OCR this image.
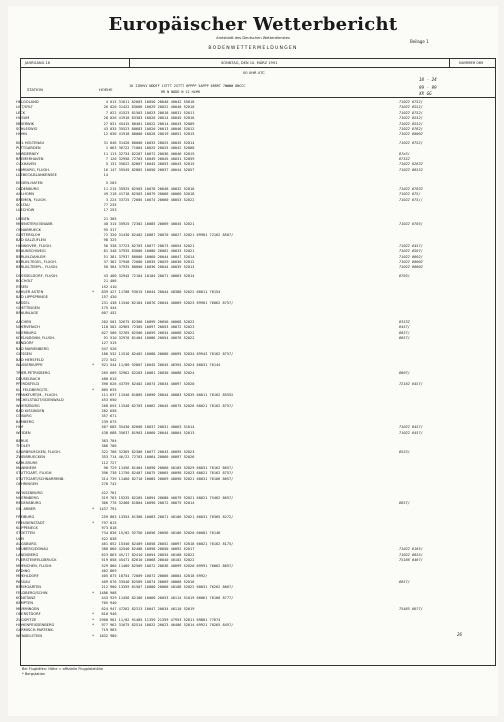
Europäischer Wetterbericht
Amtsblatt des Deutschen Wetterdienstes
Beilage 1
BODENWETTERMELDUNGEN
JAHRGANG 16	SONNTAG, DEN 10. MÄRZ 1991	NUMMER 069
00 UHR UTC
18 - 24
STATION	HOEHE
10 IIRHVV NDDFF 1STTT 2STTT 6PPPP 5APPP 6RRRT 7WWWW 8NCCC
RR N NDDD N 12 HLMH
99 - 99
XX GG
26
HELGOLAND	4 015 31611 82603 10050 20040 40042 55018	71022 8752/
LIST/SYLT	26 020 31422 83606 10029 20022 40040 52010	71022 8552/
LECK	7 022 41523 81503 10023 20018 40031 52011	71022 8752/
HUSUM	28 026 41918 83303 10020 20014 40045 52016	71022 8552/
MEIERWIK	27 031 45415 80401 10022 20014 40043 52009	71022 8552/
SCHLESWIG	43 035 35523 80603 10020 20013 40046 52012	71022 8762/
HOHN	12 036 41918 80000 10028 20019 40051 52015	71022 80002
KIEL HOLTENAU	31 046 31420 80000 10033 20025 40045 52014	71022 8752/
PUTTGARDEN	1 063 36722 71004 10025 20025 40042 52008
NORDERNEY	11 113 32734 82207 10072 20036 40046 52015	87e3/
BREMERHAVEN	7 120 32958 72703 10049 20045 40031 52059	87552
CUXHAVEN	5 131 35622 82807 10045 20053 40043 52015	71022 82632
HAMBURG, FLUGH.	16 147 35545 82802 10050 20037 40044 52057	71022 86552
LUEBECK-BLANKENSEE	14
EMDEN-HAFEN	5 203
OLDENBURG	11 215 35925 82503 10078 20048 40032 52018	71022 87032
AHLHORN	49 218 41718 82503 10079 20060 40060 52018	71022 875/
BREMEN, FLUGH.	3 224 33725 72605 10074 20060 40053 52022	71022 875//
SOLTAU	77 235
LUECHOW	17 253
LINGEN	21 305
MUENSTER/OSNABR.	48 315 35925 72302 10085 20069 40045 52021	71022 8703/
OSNABRUECK	95 317
GUETERSLOH	72 320 31430 82402 10087 20070 40027 52021 69901 72162 8507/
BAD SALZUFLEN	98 325
HANNOVER, FLUGH.	56 338 37723 82703 10077 20073 40054 52021	71022 8457/
BRAUNSCHWEIG	81 348 37935 83006 10080 20062 40033 52021	71022 8507/
BERLIN-DAHLEM	51 381 37937 80000 10060 20044 40047 52014	71022 8802/
BERLIN-TEGEL, FLUGH.	37 382 37948 72000 10035 20029 40036 52012	71022 80002
BERLIN-TEMPL., FLUGH.	50 384 37935 80000 10036 20044 40035 52013	71022 80002
DUESSELDORF, FLUGH.	43 400 32945 72104 10104 20071 40063 52014	8703/
BOCHOLT	21 406
ESSEN	152 410
KAHLER ASTEN	*	839 427 11708 93015 10044 20044 48388 52022 60011 76154
BAD LIPPSPRINGE	157 430
KASSEL	231 438 11540 82104 10076 20044 40069 52023 69901 76062 8757/
GOETTINGEN	175 444
BRAUNLAGE	607 452
AACHEN	202 501 32675 82306 10099 20050 40068 52022	83532
NOERVENICH	118 502 42965 72305 10097 20053 40072 52023	8457/
NUERBURG	627 506 32765 82506 10059 20034 40068 52022	8657/
KOELN/BONN, FLUGH.	91 510 32970 81404 10086 20054 40076 52022	8657/
BENDORF	127 515
BAD MARIENBERG	547 526
GIESSEN	186 532 11516 82402 10088 20080 40095 52034 69943 76162 8757/
BAD HERSFELD	272 542
WASSERKUPPE	*	921 544 11/00 92807 10045 20045 46394 52024 60031 76144
TRIER-PETRISBERG	265 609 32962 82203 10081 20030 40088 52024	8607/
DEUSELBACH	480 615
PFERDSFELD	396 626 43759 82402 10074 20034 40097 52020	72162 8457/
KL. FELDBERG/TS.	*	805 635
FRANKFURT/M., FLUGH.	111 637 11540 81805 10090 20044 40083 52035 60011 76162 85552
MICHELSTADT/ODENWALD	453 650
WUERZBURG	268 655 11540 82703 10062 20045 40075 52026 60021 76162 8757/
BAD KISSINGEN	282 658
COBURG	357 671
BAMBERG	239 675
HOF	567 685 35430 82606 10037 20031 40063 51014	71022 8457/
WEIDEN	438 688 35637 81903 10060 20044 40064 52013	71022 8457/
BERUS	363 704
THOLEY	386 706
SAARBRUECKEN, FLUGH.	322 708 32365 82306 10077 20043 40095 52023	8553/
ZWEIBRUECKEN	353 714 46/22 72703 10064 20060 40097 52026
KARLSRUHE	112 727
MANNHEIM	96 729 11456 81404 10090 20060 40105 52029 60031 76162 8657/
STUTTGART, FLUGH.	396 738 11750 82407 10075 20065 40098 52023 60021 76162 8757/
STUTTGART/SCHNARRENB.	314 739 11460 82710 10085 20069 40090 52021 60031 76166 8657/
OEHRINGEN	276 742
WEISSENBURG	422 761
NUERNBERG	319 763 15235 82205 10094 20080 40079 52021 60021 75462 8657/
REGENSBURG	366 776 32460 81804 10090 20072 40075 52014	8657/
GR. ARBER	*	1437 791
FREIBURG	259 803 13354 81308 10083 20071 40106 52021 60031 76365 8272/
FREUDENSTADT	*	797 815
KLIPPENECK	973 818
STOETTEN	734 836 15/02 92756 10056 20056 40106 52020 60081 76146
ULM	522 838
AUGSBURG	461 852 15340 82409 10058 20052 40097 52018 60021 76162 8175/
NEUBERG/DONAU	380 860 42540 82408 10098 20050 40092 52017	71022 8165/
LANDSBERG	623 863 45/17 82410 10054 20034 40108 52022	71022 8655/
FUERSTENFELDBRUCK	519 858 45471 82610 10068 20040 40102 52022	75166 8467/
MUENCHEN, FLUGH.	529 866 11460 82509 10072 20036 40099 52020 69991 76062 8657/
ERDING	462 869
MUEHLDORF	405 875 16754 72609 10072 20066 40084 52018 6992/
PASSAU	409 876 33540 82509 10074 20069 40068 52016	8657/
BREMGARTEN	212 900 13359 81507 10080 20060 40108 52022 60031 76262 8667/
FELDBERG/SCHW.	*	1486 908
KONSTANZ	443 929 11456 82106 10060 20053 40114 51019 60061 76166 8777/
KEMPTEN	705 940
MEMMINGEN	624 947 47262 82313 10047 20034 40110 52019	75465 8877/
OBERSTDORF	*	810 946
ZUGSPITZE	*	2960 961 11/02 91405 11359 21359 47953 52011 69801 77674
HOHENPEISSENBERG	*	977 962 31675 82514 10022 20023 46406 52014 69921 70265 8457/
GARMISCH-PARTENK.	719 963
WENDELSTEIN	*	1832 980
Bei Flughäfen: Höhe = offizielle Flugplatzhöhe
* Bergstation
